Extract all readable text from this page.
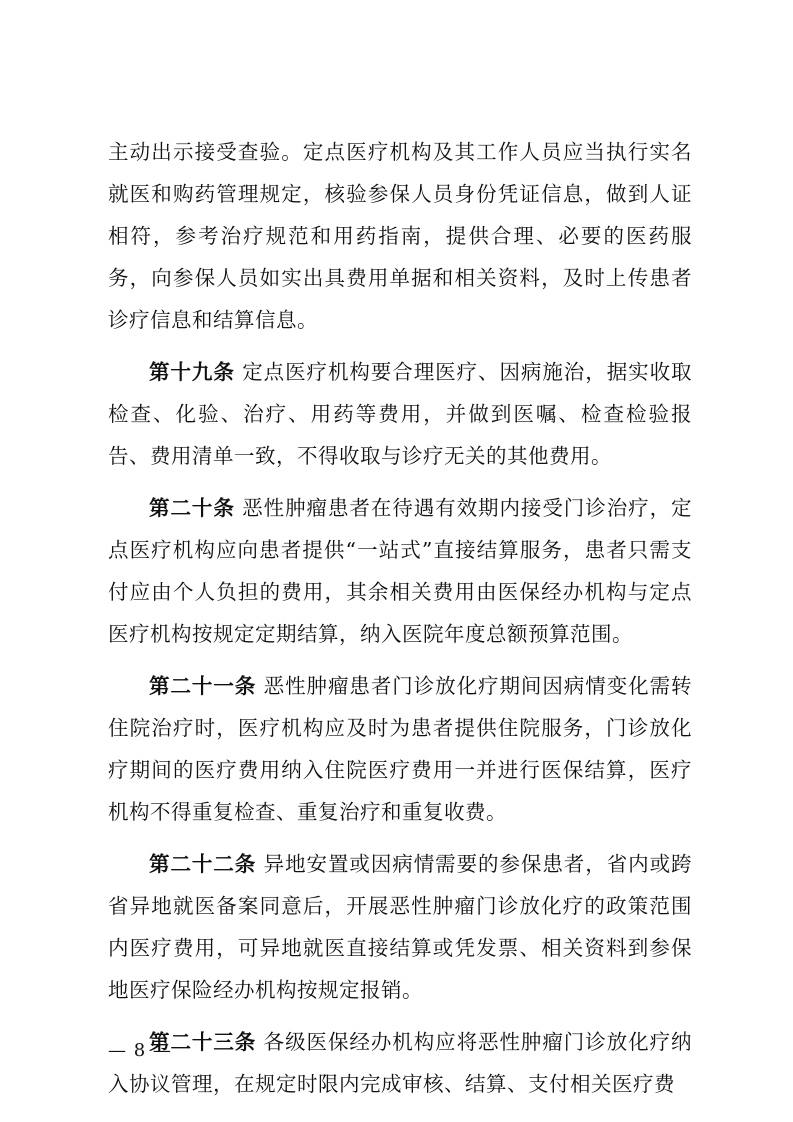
主动出示接受查验。定点医疗机构及其工作人员应当执行实名就医和购药管理规定，核验参保人员身份凭证信息，做到人证相符，参考治疗规范和用药指南，提供合理、必要的医药服务，向参保人员如实出具费用单据和相关资料，及时上传患者诊疗信息和结算信息。

第十九条 定点医疗机构要合理医疗、因病施治，据实收取检查、化验、治疗、用药等费用，并做到医嘱、检查检验报告、费用清单一致，不得收取与诊疗无关的其他费用。

第二十条 恶性肿瘤患者在待遇有效期内接受门诊治疗，定点医疗机构应向患者提供“一站式”直接结算服务，患者只需支付应由个人负担的费用，其余相关费用由医保经办机构与定点医疗机构按规定定期结算，纳入医院年度总额预算范围。

第二十一条 恶性肿瘤患者门诊放化疗期间因病情变化需转住院治疗时，医疗机构应及时为患者提供住院服务，门诊放化疗期间的医疗费用纳入住院医疗费用一并进行医保结算，医疗机构不得重复检查、重复治疗和重复收费。

第二十二条 异地安置或因病情需要的参保患者，省内或跨省异地就医备案同意后，开展恶性肿瘤门诊放化疗的政策范围内医疗费用，可异地就医直接结算或凭发票、相关资料到参保地医疗保险经办机构按规定报销。

第二十三条 各级医保经办机构应将恶性肿瘤门诊放化疗纳入协议管理，在规定时限内完成审核、结算、支付相关医疗费

— 8 —
